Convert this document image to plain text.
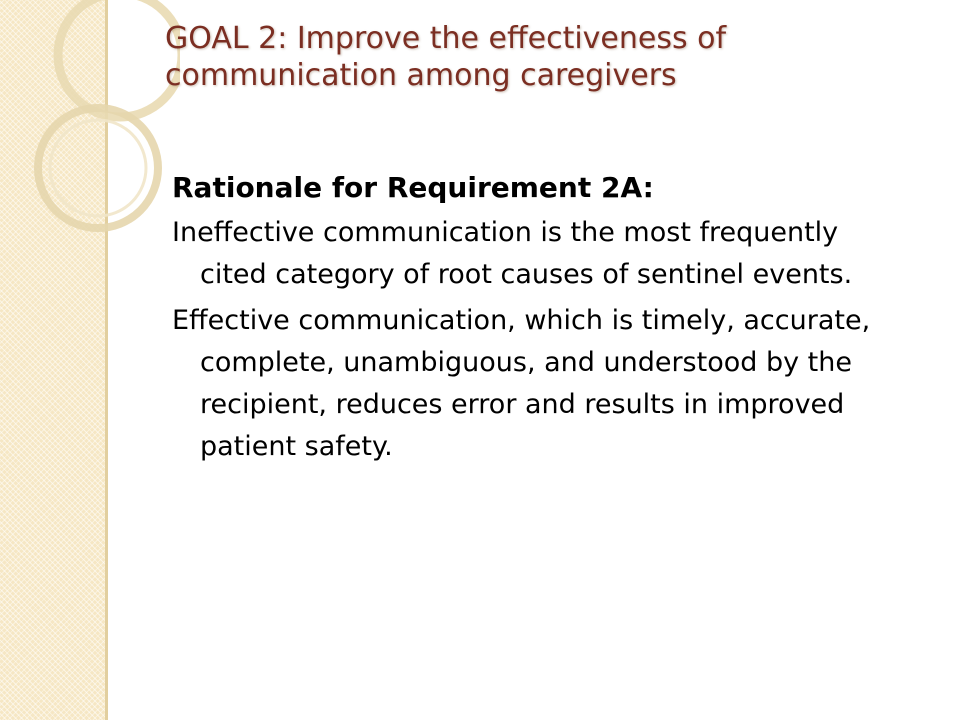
GOAL 2: Improve the effectiveness of communication among caregivers
Rationale for Requirement 2A:

Ineffective communication is the most frequently cited category of root causes of sentinel events.

Effective communication, which is timely, accurate, complete, unambiguous, and understood by the recipient, reduces error and results in improved patient safety.
